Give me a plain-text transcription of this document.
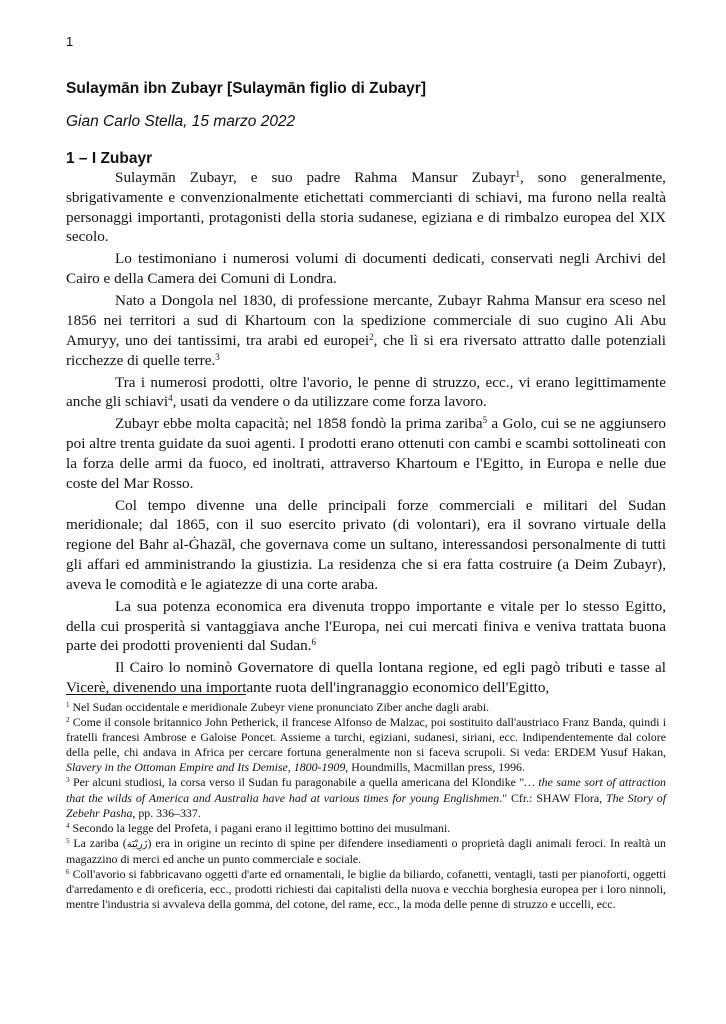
1
Sulaymān ibn Zubayr [Sulaymān figlio di Zubayr]
Gian Carlo Stella, 15 marzo 2022
1 – I Zubayr

Sulaymān Zubayr, e suo padre Rahma Mansur Zubayr$^1$, sono generalmente, sbrigativamente e convenzionalmente etichettati commercianti di schiavi, ma furono nella realtà personaggi importanti, protagonisti della storia sudanese, egiziana e di rimbalzo europea del XIX secolo.

Lo testimoniano i numerosi volumi di documenti dedicati, conservati negli Archivi del Cairo e della Camera dei Comuni di Londra.

Nato a Dongola nel 1830, di professione mercante, Zubayr Rahma Mansur era sceso nel 1856 nei territori a sud di Khartoum con la spedizione commerciale di suo cugino Ali Abu Amuryy, uno dei tantissimi, tra arabi ed europei$^2$, che lì si era riversato attratto dalle potenziali ricchezze di quelle terre.$^3$

Tra i numerosi prodotti, oltre l'avorio, le penne di struzzo, ecc., vi erano legittimamente anche gli schiavi$^4$, usati da vendere o da utilizzare come forza lavoro.

Zubayr ebbe molta capacità; nel 1858 fondò la prima zariba$^5$ a Golo, cui se ne aggiunsero poi altre trenta guidate da suoi agenti. I prodotti erano ottenuti con cambi e scambi sottolineati con la forza delle armi da fuoco, ed inoltrati, attraverso Khartoum e l'Egitto, in Europa e nelle due coste del Mar Rosso.

Col tempo divenne una delle principali forze commerciali e militari del Sudan meridionale; dal 1865, con il suo esercito privato (di volontari), era il sovrano virtuale della regione del Bahr al-Ġhazāl, che governava come un sultano, interessandosi personalmente di tutti gli affari ed amministrando la giustizia. La residenza che si era fatta costruire (a Deim Zubayr), aveva le comodità e le agiatezze di una corte araba.

La sua potenza economica era divenuta troppo importante e vitale per lo stesso Egitto, della cui prosperità si vantaggiava anche l'Europa, nei cui mercati finiva e veniva trattata buona parte dei prodotti provenienti dal Sudan.$^6$

Il Cairo lo nominò Governatore di quella lontana regione, ed egli pagò tributi e tasse al Vicerè, divenendo una importante ruota dell'ingranaggio economico dell'Egitto,

$^1$ Nel Sudan occidentale e meridionale Zubeyr viene pronunciato Ziber anche dagli arabi.

$^2$ Come il console britannico John Petherick, il francese Alfonso de Malzac, poi sostituito dall'austriaco Franz Banda, quindi i fratelli francesi Ambrose e Galoise Poncet. Assieme a turchi, egiziani, sudanesi, siriani, ecc. Indipendentemente dal colore della pelle, chi andava in Africa per cercare fortuna generalmente non si faceva scrupoli. Si veda: ERDEM Yusuf Hakan, Slavery in the Ottoman Empire and Its Demise, 1800-1909, Houndmills, Macmillan press, 1996.

$^3$ Per alcuni studiosi, la corsa verso il Sudan fu paragonabile a quella americana del Klondike "… the same sort of attraction that the wilds of America and Australia have had at various times for young Englishmen." Cfr.: SHAW Flora, The Story of Zebehr Pasha, pp. 336–337.

$^4$ Secondo la legge del Profeta, i pagani erano il legittimo bottino dei musulmani.

$^5$ La zariba (زَرِيْبَة) era in origine un recinto di spine per difendere insediamenti o proprietà dagli animali feroci. In realtà un magazzino di merci ed anche un punto commerciale e sociale.

$^6$ Coll'avorio si fabbricavano oggetti d'arte ed ornamentali, le biglie da biliardo, cofanetti, ventagli, tasti per pianoforti, oggetti d'arredamento e di oreficeria, ecc., prodotti richiesti dai capitalisti della nuova e vecchia borghesia europea per i loro ninnoli, mentre l'industria si avvaleva della gomma, del cotone, del rame, ecc., la moda delle penne di struzzo e uccelli, ecc.
